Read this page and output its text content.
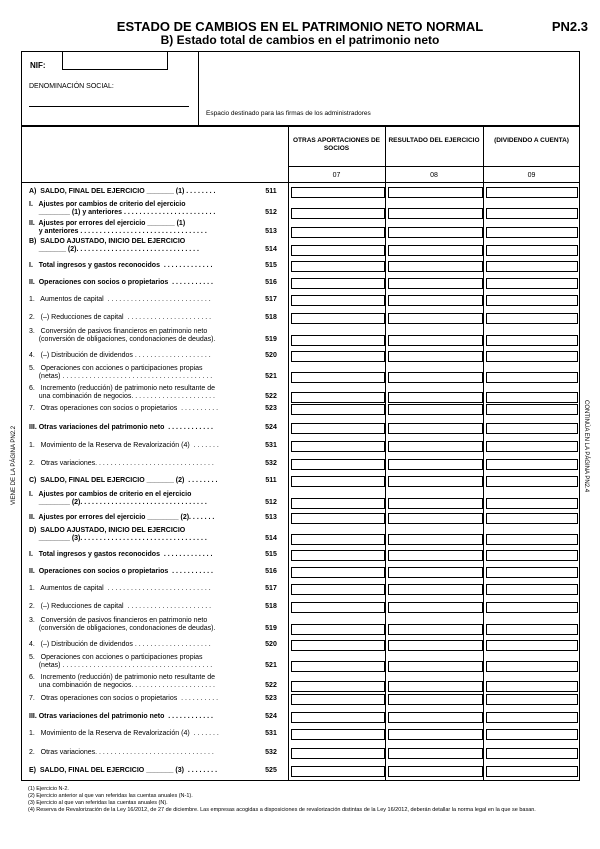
ESTADO DE CAMBIOS EN EL PATRIMONIO NETO NORMAL
B) Estado total de cambios en el patrimonio neto
PN2.3
NIF:
DENOMINACIÓN SOCIAL:
Espacio destinado para las firmas de los administradores
OTRAS APORTACIONES DE SOCIOS
RESULTADO DEL EJERCICIO	(DIVIDENDO A CUENTA)
07	08	09
A)  SALDO, FINAL DEL EJERCICIO _______ (1) . . . . . . . .	511
I.   Ajustes por cambios de criterio del ejercicio
________ (1) y anteriores . . . . . . . . . . . . . . . . . . . . . . . .	512
II.  Ajustes por errores del ejercicio _______ (1)
y anteriores . . . . . . . . . . . . . . . . . . . . . . . . . . . . . . . . .	513
B)  SALDO AJUSTADO, INICIO DEL EJERCICIO
_______ (2). . . . . . . . . . . . . . . . . . . . . . . . . . . . . . . .	514
I.   Total ingresos y gastos reconocidos  . . . . . . . . . . . . .	515
II.  Operaciones con socios o propietarios  . . . . . . . . . . .	516
1.   Aumentos de capital  . . . . . . . . . . . . . . . . . . . . . . . . . . .	517
2.   (–) Reducciones de capital  . . . . . . . . . . . . . . . . . . . . . .	518
3.   Conversión de pasivos financieros en patrimonio neto
(conversión de obligaciones, condonaciones de deudas).	519
4.   (–) Distribución de dividendos . . . . . . . . . . . . . . . . . . . .	520
5.   Operaciones con acciones o participaciones propias
(netas) . . . . . . . . . . . . . . . . . . . . . . . . . . . . . . . . . . . . . . .	521
6.   Incremento (reducción) de patrimonio neto resultante de
una combinación de negocios. . . . . . . . . . . . . . . . . . . . . .	522
7.   Otras operaciones con socios o propietarios  . . . . . . . . . .	523
III. Otras variaciones del patrimonio neto  . . . . . . . . . . . .	524
1.   Movimiento de la Reserva de Revalorización (4)  . . . . . . .	531
2.   Otras variaciones. . . . . . . . . . . . . . . . . . . . . . . . . . . . . . .	532
C)  SALDO, FINAL DEL EJERCICIO _______ (2)  . . . . . . . .	511
I.   Ajustes por cambios de criterio en el ejercicio
________ (2). . . . . . . . . . . . . . . . . . . . . . . . . . . . . . . . .	512
II.  Ajustes por errores del ejercicio ________ (2). . . . . . .	513
D)  SALDO AJUSTADO, INICIO DEL EJERCICIO
________ (3). . . . . . . . . . . . . . . . . . . . . . . . . . . . . . . . .	514
I.   Total ingresos y gastos reconocidos  . . . . . . . . . . . . .	515
II.  Operaciones con socios o propietarios  . . . . . . . . . . .	516
1.   Aumentos de capital  . . . . . . . . . . . . . . . . . . . . . . . . . . .	517
2.   (–) Reducciones de capital  . . . . . . . . . . . . . . . . . . . . . .	518
3.   Conversión de pasivos financieros en patrimonio neto
(conversión de obligaciones, condonaciones de deudas).	519
4.   (–) Distribución de dividendos . . . . . . . . . . . . . . . . . . . .	520
5.   Operaciones con acciones o participaciones propias
(netas) . . . . . . . . . . . . . . . . . . . . . . . . . . . . . . . . . . . . . . .	521
6.   Incremento (reducción) de patrimonio neto resultante de
una combinación de negocios. . . . . . . . . . . . . . . . . . . . . .	522
7.   Otras operaciones con socios o propietarios  . . . . . . . . . .	523
III. Otras variaciones del patrimonio neto  . . . . . . . . . . . .	524
1.   Movimiento de la Reserva de Revalorización (4)  . . . . . . .	531
2.   Otras variaciones. . . . . . . . . . . . . . . . . . . . . . . . . . . . . . .	532
E)  SALDO, FINAL DEL EJERCICIO _______ (3)  . . . . . . . .	525
VIENE DE LA PÁGINA PN2.2	CONTINÚA EN LA PÁGINA PN2.4
(1) Ejercicio N-2.
(2) Ejercicio anterior al que van referidas las cuentas anuales (N-1).
(3) Ejercicio al que van referidas las cuentas anuales (N).
(4) Reserva de Revalorización de la Ley 16/2012, de 27 de diciembre. Las empresas acogidas a disposiciones de revalorización distintas de la Ley 16/2012, deberán detallar la norma legal en la que se basan.
